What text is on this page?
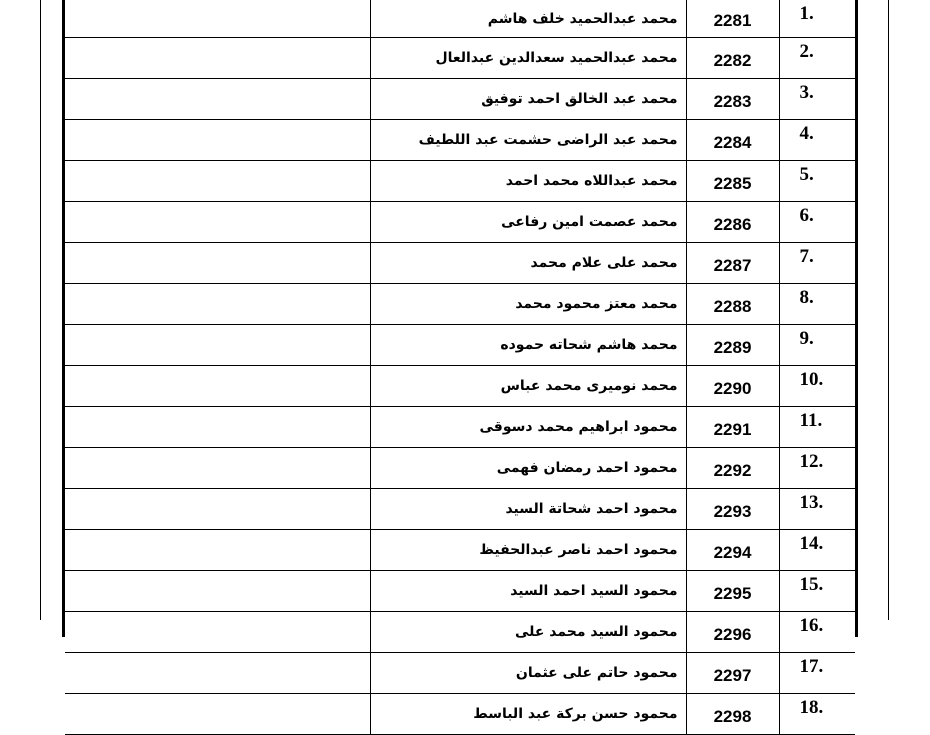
	محمد عبدالحميد خلف هاشم	2281	.1
	محمد عبدالحميد سعدالدين عبدالعال	2282	.2
	محمد عبد الخالق احمد توفيق	2283	.3
	محمد عبد الراضى حشمت عبد اللطيف	2284	.4
	محمد عبداللاه محمد احمد	2285	.5
	محمد عصمت امين رفاعى	2286	.6
	محمد على علام محمد	2287	.7
	محمد معتز محمود محمد	2288	.8
	محمد هاشم شحاته حموده	2289	.9
	محمد نوميرى محمد عباس	2290	.10
	محمود ابراهيم محمد دسوقى	2291	.11
	محمود احمد رمضان فهمى	2292	.12
	محمود احمد شحاتة السيد	2293	.13
	محمود احمد ناصر عبدالحفيظ	2294	.14
	محمود السيد احمد السيد	2295	.15
	محمود السيد محمد على	2296	.16
	محمود حاتم على عثمان	2297	.17
	محمود حسن بركة عبد الباسط	2298	.18
